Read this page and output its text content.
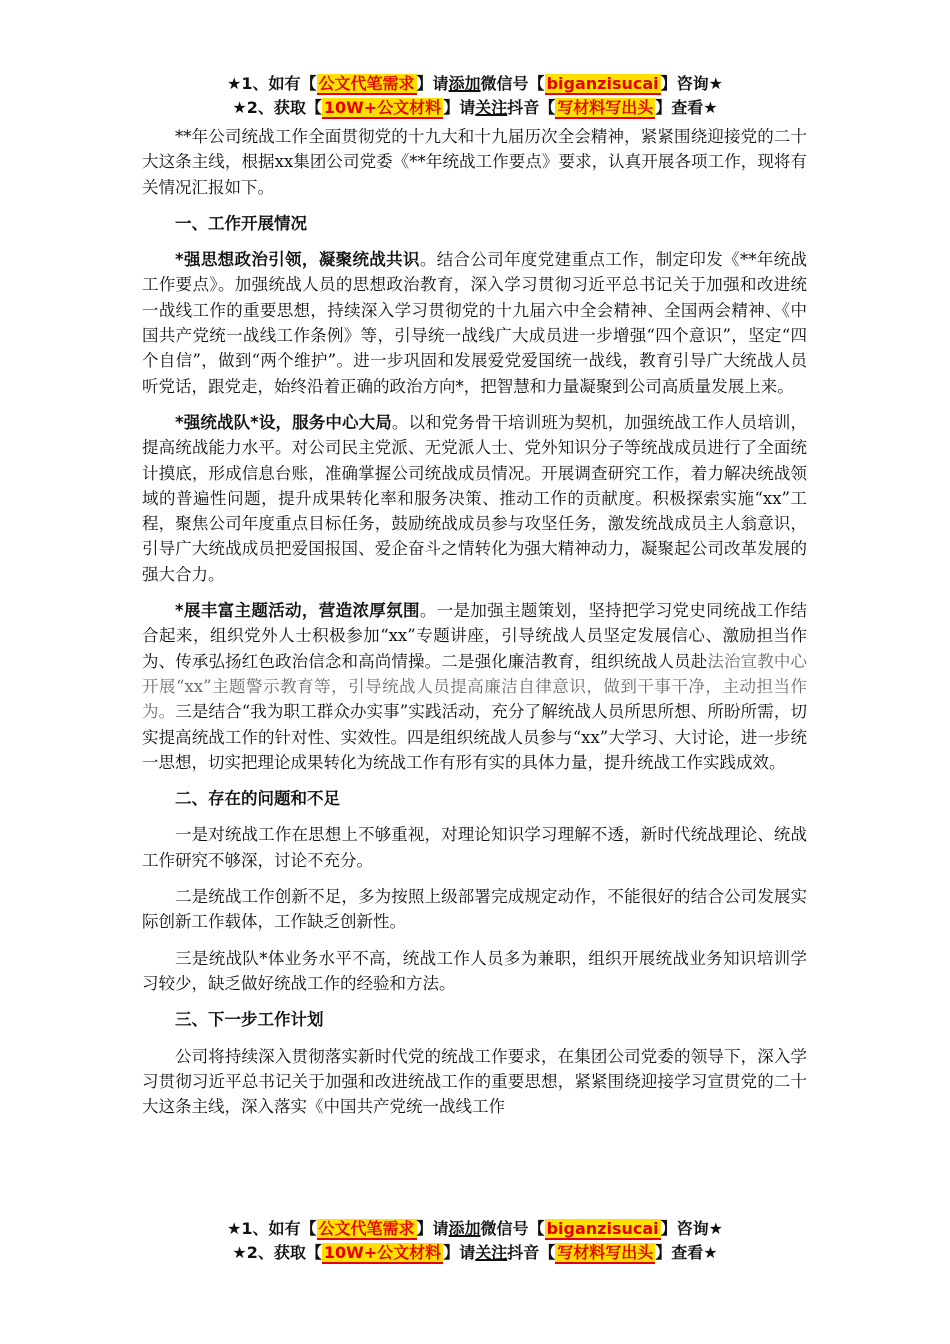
★1、如有【 公文代笔需求 】请添加微信号【 biganzisucai 】咨询★
★2、获取【 10W+公文材料 】请关注抖音【 写材料写出头 】查看★

**年公司统战工作全面贯彻党的十九大和十九届历次全会精神，紧紧围绕迎接党的二十大这条主线，根据xx集团公司党委《**年统战工作要点》要求，认真开展各项工作，现将有关情况汇报如下。

一、工作开展情况

*强思想政治引领，凝聚统战共识。结合公司年度党建重点工作，制定印发《**年统战工作要点》。加强统战人员的思想政治教育，深入学习贯彻习近平总书记关于加强和改进统一战线工作的重要思想，持续深入学习贯彻党的十九届六中全会精神、全国两会精神、《中国共产党统一战线工作条例》等，引导统一战线广大成员进一步增强“四个意识”，坚定“四个自信”，做到“两个维护”。进一步巩固和发展爱党爱国统一战线，教育引导广大统战人员听党话，跟党走，始终沿着正确的政治方向*，把智慧和力量凝聚到公司高质量发展上来。

*强统战队*设，服务中心大局。以和党务骨干培训班为契机，加强统战工作人员培训，提高统战能力水平。对公司民主党派、无党派人士、党外知识分子等统战成员进行了全面统计摸底，形成信息台账，准确掌握公司统战成员情况。开展调查研究工作，着力解决统战领域的普遍性问题，提升成果转化率和服务决策、推动工作的贡献度。积极探索实施“xx”工程，聚焦公司年度重点目标任务，鼓励统战成员参与攻坚任务，激发统战成员主人翁意识，引导广大统战成员把爱国报国、爱企奋斗之情转化为强大精神动力，凝聚起公司改革发展的强大合力。

*展丰富主题活动，营造浓厚氛围。一是加强主题策划，坚持把学习党史同统战工作结合起来，组织党外人士积极参加“xx”专题讲座，引导统战人员坚定发展信心、激励担当作为、传承弘扬红色政治信念和高尚情操。二是强化廉洁教育，组织统战人员赴法治宣教中心开展“xx”主题警示教育等，引导统战人员提高廉洁自律意识，做到干事干净，主动担当作为。三是结合“我为职工群众办实事”实践活动，充分了解统战人员所思所想、所盼所需，切实提高统战工作的针对性、实效性。四是组织统战人员参与“xx”大学习、大讨论，进一步统一思想，切实把理论成果转化为统战工作有形有实的具体力量，提升统战工作实践成效。

二、存在的问题和不足

一是对统战工作在思想上不够重视，对理论知识学习理解不透，新时代统战理论、统战工作研究不够深，讨论不充分。

二是统战工作创新不足，多为按照上级部署完成规定动作，不能很好的结合公司发展实际创新工作载体，工作缺乏创新性。

三是统战队*体业务水平不高，统战工作人员多为兼职，组织开展统战业务知识培训学习较少，缺乏做好统战工作的经验和方法。

三、下一步工作计划

公司将持续深入贯彻落实新时代党的统战工作要求，在集团公司党委的领导下，深入学习贯彻习近平总书记关于加强和改进统战工作的重要思想，紧紧围绕迎接学习宣贯党的二十大这条主线，深入落实《中国共产党统一战线工作

★1、如有【 公文代笔需求 】请添加微信号【 biganzisucai 】咨询★
★2、获取【 10W+公文材料 】请关注抖音【 写材料写出头 】查看★
